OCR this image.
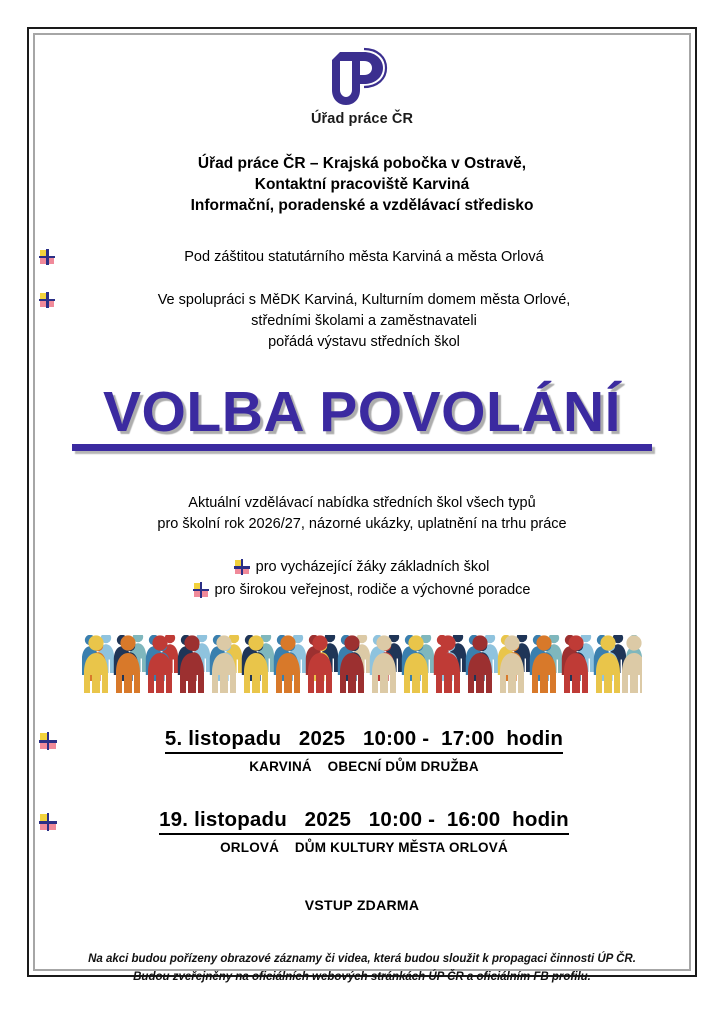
Úřad práce ČR
Úřad práce ČR – Krajská pobočka v Ostravě,
Kontaktní pracoviště Karviná
Informační, poradenské a vzdělávací středisko
Pod záštitou statutárního města Karviná a města Orlová
Ve spolupráci s MěDK Karviná, Kulturním domem města Orlové,
středními školami a zaměstnavateli
pořádá výstavu středních škol
VOLBA POVOLÁNÍ
Aktuální vzdělávací nabídka středních škol všech typů
pro školní rok 2026/27, názorné ukázky, uplatnění na trhu práce
pro vycházející žáky základních škol
pro širokou veřejnost, rodiče a výchovné poradce
5. listopadu   2025   10:00 -  17:00  hodin
KARVINÁ    OBECNÍ DŮM DRUŽBA
19. listopadu   2025   10:00 -  16:00  hodin
ORLOVÁ    DŮM KULTURY MĚSTA ORLOVÁ
VSTUP ZDARMA
Na akci budou pořízeny obrazové záznamy či videa, která budou sloužit k propagaci činnosti ÚP ČR.
Budou zveřejněny na oficiálních webových stránkách ÚP ČR a oficiálním FB profilu.
